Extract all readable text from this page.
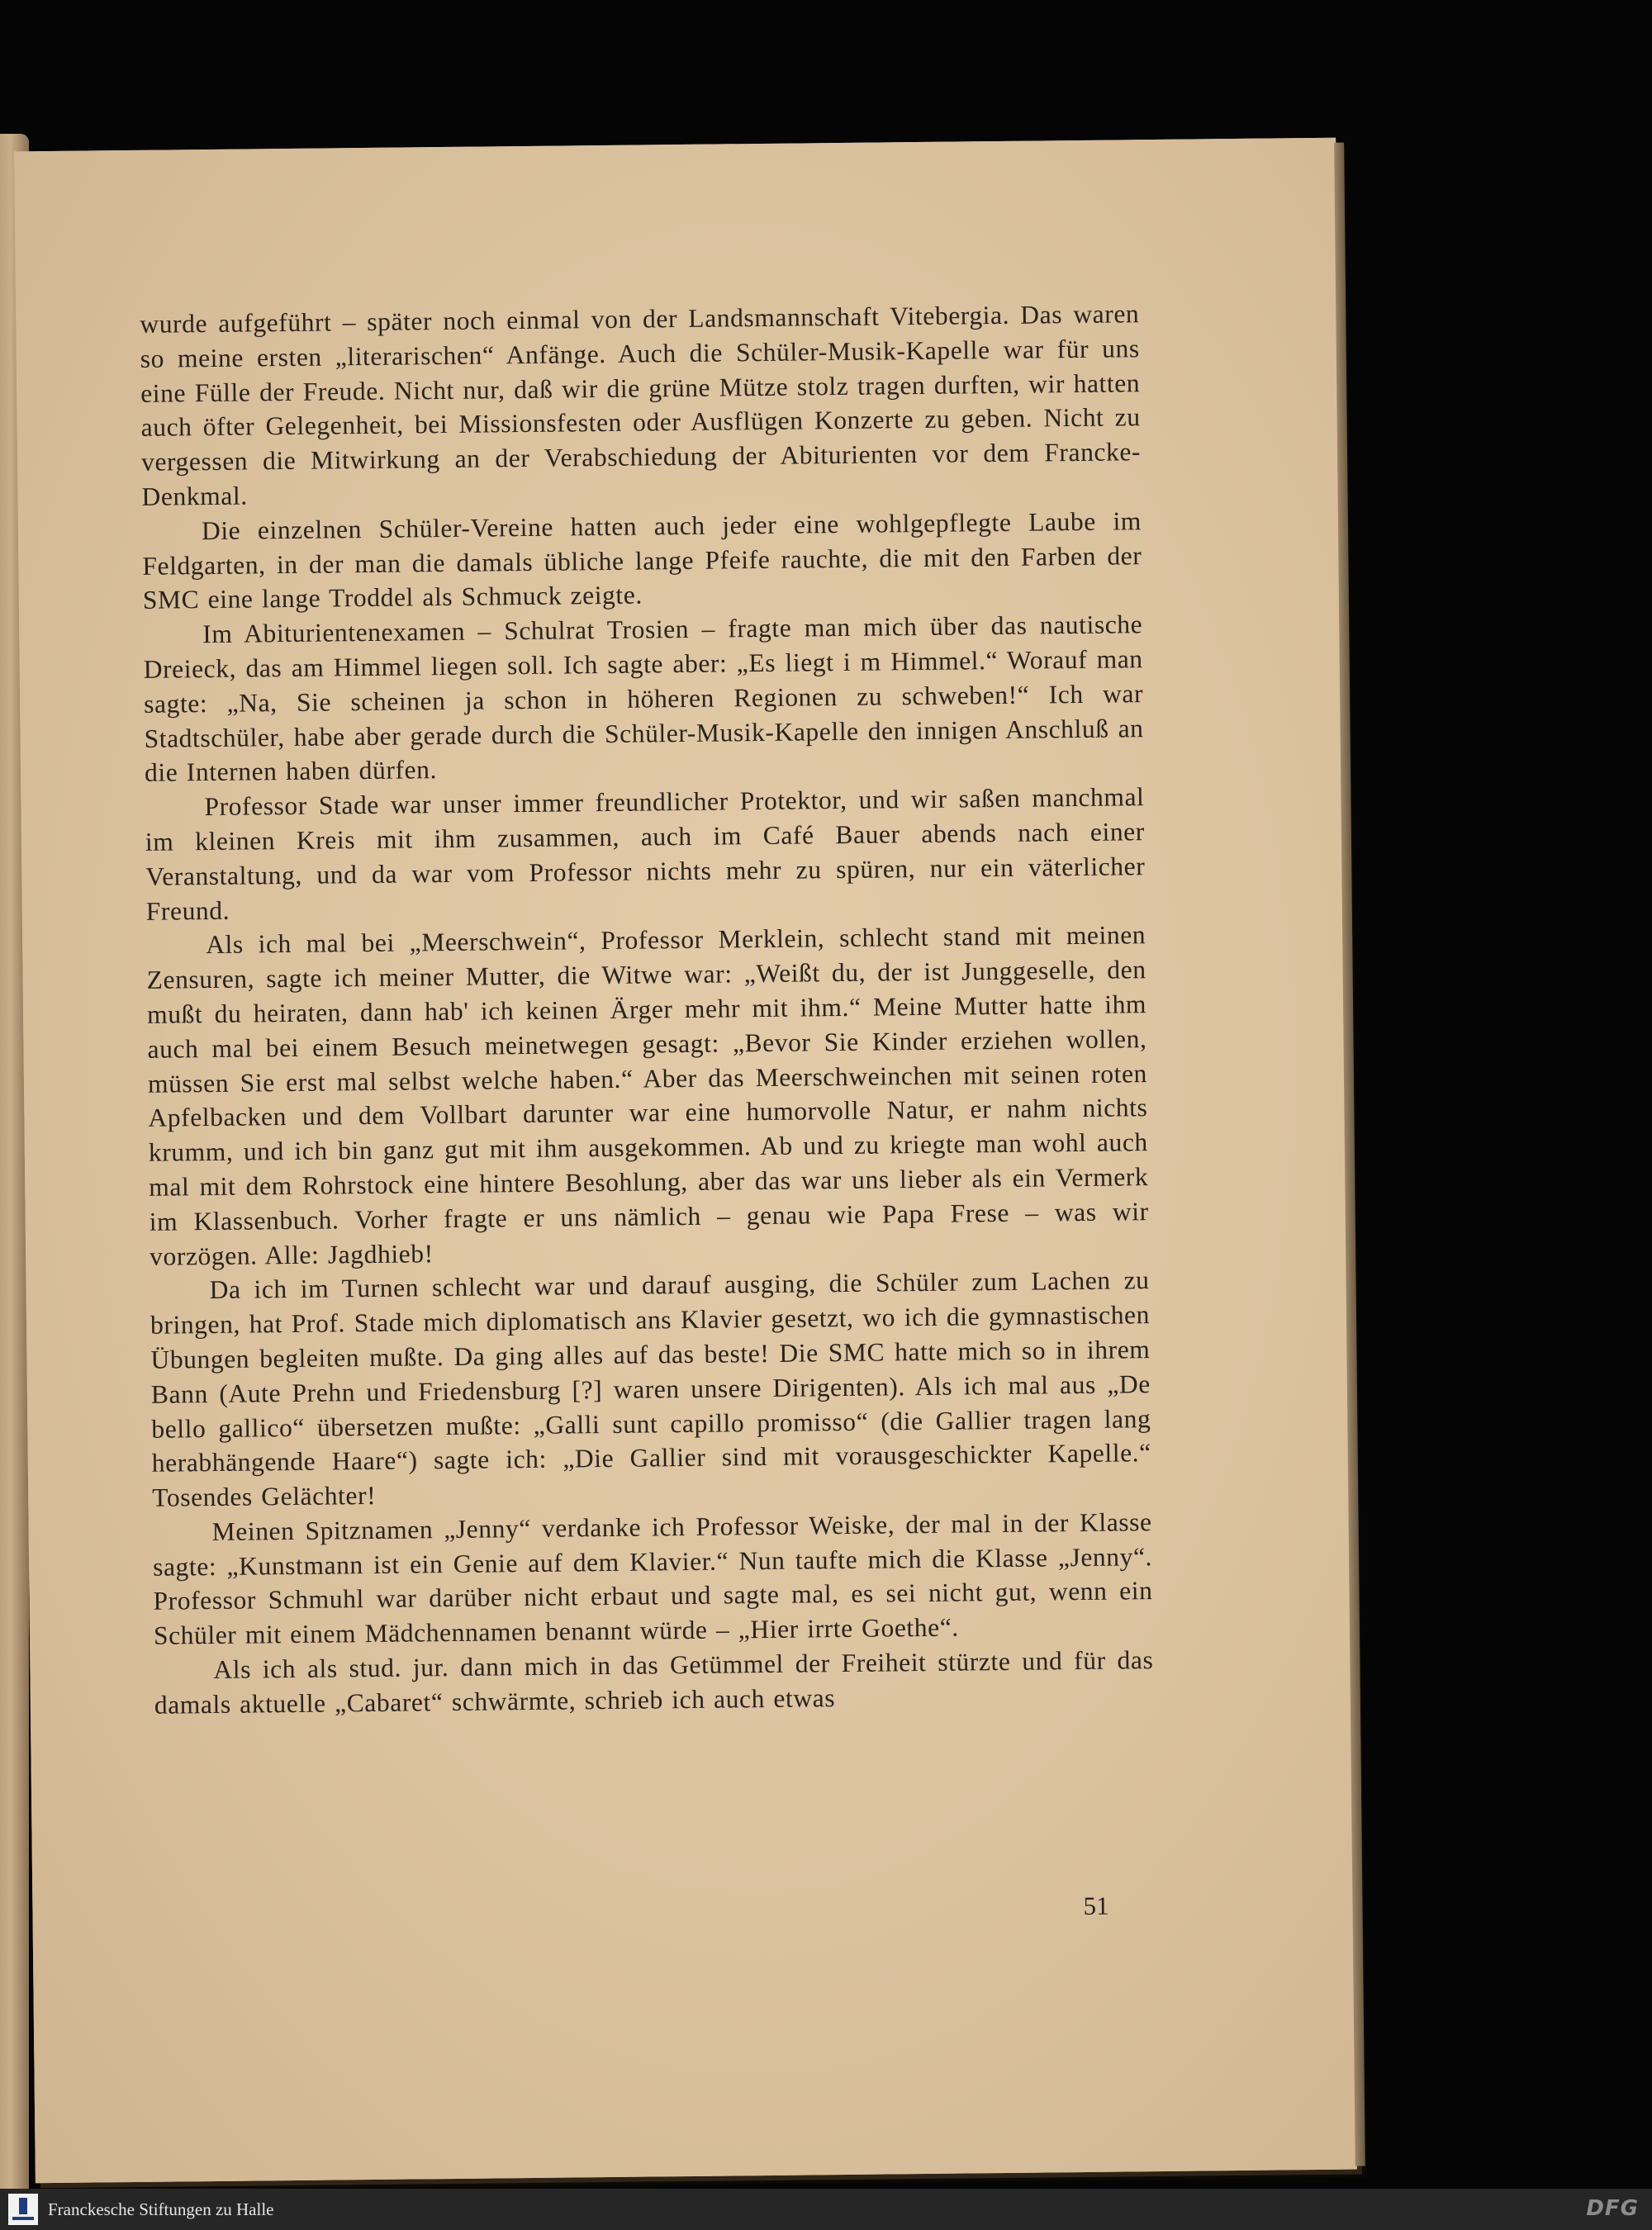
wurde aufgeführt – später noch einmal von der Landsmannschaft Vitebergia. Das waren so meine ersten „literarischen“ Anfänge. Auch die Schüler-Musik-Kapelle war für uns eine Fülle der Freude. Nicht nur, daß wir die grüne Mütze stolz tragen durften, wir hatten auch öfter Gelegenheit, bei Missionsfesten oder Ausflügen Konzerte zu geben. Nicht zu vergessen die Mitwirkung an der Verabschiedung der Abiturienten vor dem Francke-Denkmal.

Die einzelnen Schüler-Vereine hatten auch jeder eine wohlgepflegte Laube im Feldgarten, in der man die damals übliche lange Pfeife rauchte, die mit den Farben der SMC eine lange Troddel als Schmuck zeigte.

Im Abiturientenexamen – Schulrat Trosien – fragte man mich über das nautische Dreieck, das am Himmel liegen soll. Ich sagte aber: „Es liegt i m Himmel.“ Worauf man sagte: „Na, Sie scheinen ja schon in höheren Regionen zu schweben!“ Ich war Stadtschüler, habe aber gerade durch die Schüler-Musik-Kapelle den innigen Anschluß an die Internen haben dürfen.

Professor Stade war unser immer freundlicher Protektor, und wir saßen manchmal im kleinen Kreis mit ihm zusammen, auch im Café Bauer abends nach einer Veranstaltung, und da war vom Professor nichts mehr zu spüren, nur ein väterlicher Freund.

Als ich mal bei „Meerschwein“, Professor Merklein, schlecht stand mit meinen Zensuren, sagte ich meiner Mutter, die Witwe war: „Weißt du, der ist Junggeselle, den mußt du heiraten, dann hab' ich keinen Ärger mehr mit ihm.“ Meine Mutter hatte ihm auch mal bei einem Besuch meinetwegen gesagt: „Bevor Sie Kinder erziehen wollen, müssen Sie erst mal selbst welche haben.“ Aber das Meerschweinchen mit seinen roten Apfelbacken und dem Vollbart darunter war eine humorvolle Natur, er nahm nichts krumm, und ich bin ganz gut mit ihm ausgekommen. Ab und zu kriegte man wohl auch mal mit dem Rohrstock eine hintere Besohlung, aber das war uns lieber als ein Vermerk im Klassenbuch. Vorher fragte er uns nämlich – genau wie Papa Frese – was wir vorzögen. Alle: Jagdhieb!

Da ich im Turnen schlecht war und darauf ausging, die Schüler zum Lachen zu bringen, hat Prof. Stade mich diplomatisch ans Klavier gesetzt, wo ich die gymnastischen Übungen begleiten mußte. Da ging alles auf das beste! Die SMC hatte mich so in ihrem Bann (Aute Prehn und Friedensburg [?] waren unsere Dirigenten). Als ich mal aus „De bello gallico“ übersetzen mußte: „Galli sunt capillo promisso“ (die Gallier tragen lang herabhängende Haare“) sagte ich: „Die Gallier sind mit vorausgeschickter Kapelle.“ Tosendes Gelächter!

Meinen Spitznamen „Jenny“ verdanke ich Professor Weiske, der mal in der Klasse sagte: „Kunstmann ist ein Genie auf dem Klavier.“ Nun taufte mich die Klasse „Jenny“. Professor Schmuhl war darüber nicht erbaut und sagte mal, es sei nicht gut, wenn ein Schüler mit einem Mädchennamen benannt würde – „Hier irrte Goethe“.

Als ich als stud. jur. dann mich in das Getümmel der Freiheit stürzte und für das damals aktuelle „Cabaret“ schwärmte, schrieb ich auch etwas

51
Franckesche Stiftungen zu Halle	DFG
